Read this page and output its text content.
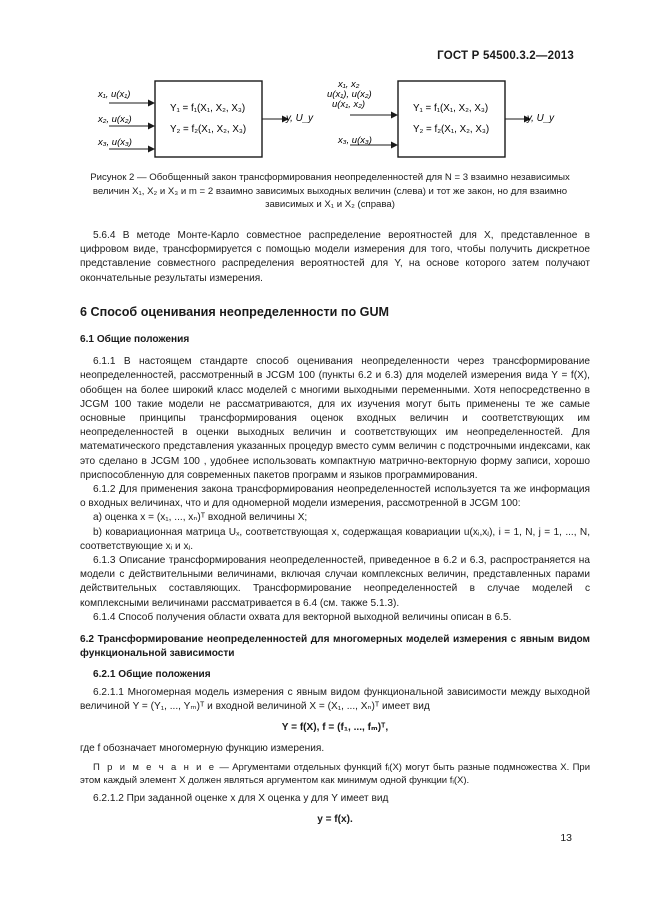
ГОСТ Р 54500.3.2—2013
x₁, u(x₁)
x₂, u(x₂)
x₃, u(x₃)
Y₁ = f₁(X₁, X₂, X₃)
Y₂ = f₂(X₁, X₂, X₃)
y, U_y
x₁, x₂
u(x₁), u(x₂)
u(x₁, x₂)
x₃, u(x₃)
Y₁ = f₁(X₁, X₂, X₃)
Y₂ = f₂(X₁, X₂, X₃)
y, U_y
Рисунок 2 — Обобщенный закон трансформирования неопределенностей для N = 3 взаимно независимых
величин X₁, X₂ и X₃ и m = 2 взаимно зависимых выходных величин (слева) и тот же закон, но для взаимно
зависимых и X₁ и X₂ (справа)

5.6.4 В методе Монте-Карло совместное распределение вероятностей для X, представленное в цифровом виде, трансформируется с помощью модели измерения для того, чтобы получить дискретное представление совместного распределения вероятностей для Y, на основе которого затем получают окончательные результаты измерения.

6 Способ оценивания неопределенности по GUM
6.1 Общие положения

6.1.1 В настоящем стандарте способ оценивания неопределенности через трансформирование неопределенностей, рассмотренный в JCGM 100 (пункты 6.2 и 6.3) для моделей измерения вида Y = f(X), обобщен на более широкий класс моделей с многими выходными переменными. Хотя непосредственно в JCGM 100 такие модели не рассматриваются, для их изучения могут быть применены те же самые основные принципы трансформирования оценок входных величин и соответствующих им неопределенностей в оценки выходных величин и соответствующих им неопределенностей. Для математического представления указанных процедур вместо сумм величин с подстрочными индексами, как это сделано в JCGM 100 , удобнее использовать компактную матрично-векторную форму записи, хорошо приспособленную для современных пакетов программ и языков программирования.

6.1.2 Для применения закона трансформирования неопределенностей используется та же информация о входных величинах, что и для одномерной модели измерения, рассмотренной в JCGM 100:

а) оценка x = (x₁, ..., xₙ)ᵀ входной величины X;

b) ковариационная матрица Uₓ, соответствующая x, содержащая ковариации u(xᵢ,xⱼ), i = 1, N, j = 1, ..., N, соответствующие xᵢ и xⱼ.

6.1.3 Описание трансформирования неопределенностей, приведенное в 6.2 и 6.3, распространяется на модели с действительными величинами, включая случаи комплексных величин, представленных парами действительных составляющих. Трансформирование неопределенностей в случае моделей с комплексными величинами рассматривается в 6.4 (см. также 5.1.3).

6.1.4 Способ получения области охвата для векторной выходной величины описан в 6.5.

6.2 Трансформирование неопределенностей для многомерных моделей измерения с явным видом функциональной зависимости

6.2.1 Общие положения

6.2.1.1 Многомерная модель измерения с явным видом функциональной зависимости между выходной величиной Y = (Y₁, ..., Yₘ)ᵀ и входной величиной X = (X₁, ..., Xₙ)ᵀ имеет вид

Y = f(X), f = (f₁, ..., fₘ)ᵀ,

где f обозначает многомерную функцию измерения.

П р и м е ч а н и е — Аргументами отдельных функций fᵢ(X) могут быть разные подмножества X. При этом каждый элемент X должен являться аргументом как минимум одной функции fᵢ(X).

6.2.1.2 При заданной оценке x для X оценка y для Y имеет вид

y = f(x).

13
